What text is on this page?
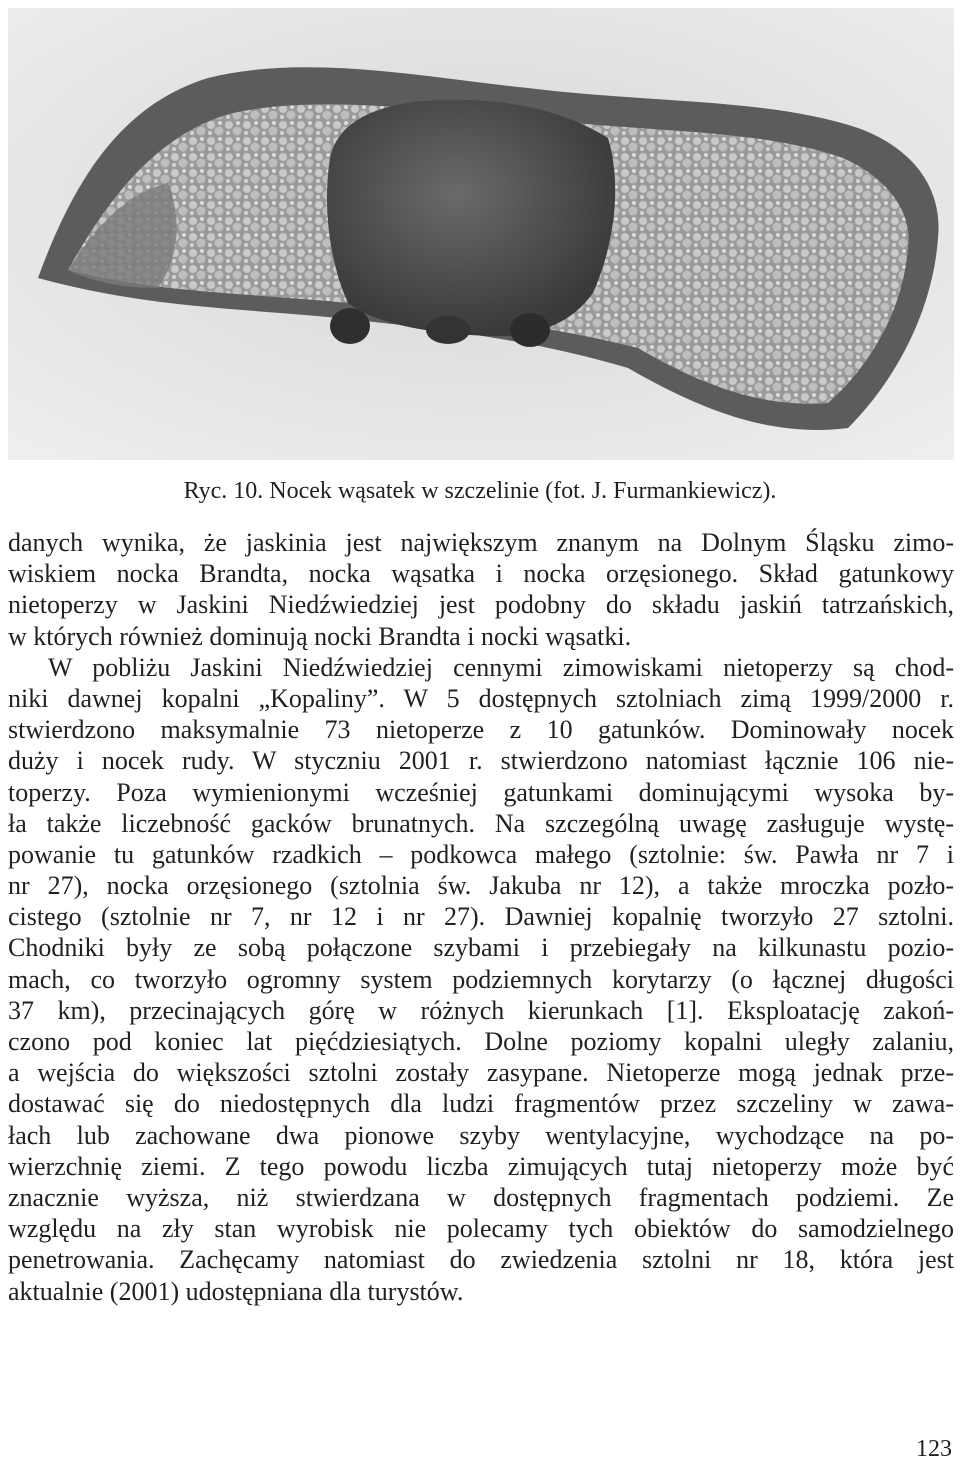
Ryc. 10. Nocek wąsatek w szczelinie (fot. J. Furmankiewicz).
danych wynika, że jaskinia jest największym znanym na Dolnym Śląsku zimo-
wiskiem nocka Brandta, nocka wąsatka i nocka orzęsionego. Skład gatunkowy
nietoperzy w Jaskini Niedźwiedziej jest podobny do składu jaskiń tatrzańskich,
w których również dominują nocki Brandta i nocki wąsatki.
W pobliżu Jaskini Niedźwiedziej cennymi zimowiskami nietoperzy są chod-
niki dawnej kopalni „Kopaliny”. W 5 dostępnych sztolniach zimą 1999/2000 r.
stwierdzono maksymalnie 73 nietoperze z 10 gatunków. Dominowały nocek
duży i nocek rudy. W styczniu 2001 r. stwierdzono natomiast łącznie 106 nie-
toperzy. Poza wymienionymi wcześniej gatunkami dominującymi wysoka by-
ła także liczebność gacków brunatnych. Na szczególną uwagę zasługuje wystę-
powanie tu gatunków rzadkich – podkowca małego (sztolnie: św. Pawła nr 7 i
nr 27), nocka orzęsionego (sztolnia św. Jakuba nr 12), a także mroczka pozło-
cistego (sztolnie nr 7, nr 12 i nr 27). Dawniej kopalnię tworzyło 27 sztolni.
Chodniki były ze sobą połączone szybami i przebiegały na kilkunastu pozio-
mach, co tworzyło ogromny system podziemnych korytarzy (o łącznej długości
37 km), przecinających górę w różnych kierunkach [1]. Eksploatację zakoń-
czono pod koniec lat pięćdziesiątych. Dolne poziomy kopalni uległy zalaniu,
a wejścia do większości sztolni zostały zasypane. Nietoperze mogą jednak prze-
dostawać się do niedostępnych dla ludzi fragmentów przez szczeliny w zawa-
łach lub zachowane dwa pionowe szyby wentylacyjne, wychodzące na po-
wierzchnię ziemi. Z tego powodu liczba zimujących tutaj nietoperzy może być
znacznie wyższa, niż stwierdzana w dostępnych fragmentach podziemi. Ze
względu na zły stan wyrobisk nie polecamy tych obiektów do samodzielnego
penetrowania. Zachęcamy natomiast do zwiedzenia sztolni nr 18, która jest
aktualnie (2001) udostępniana dla turystów.
123
